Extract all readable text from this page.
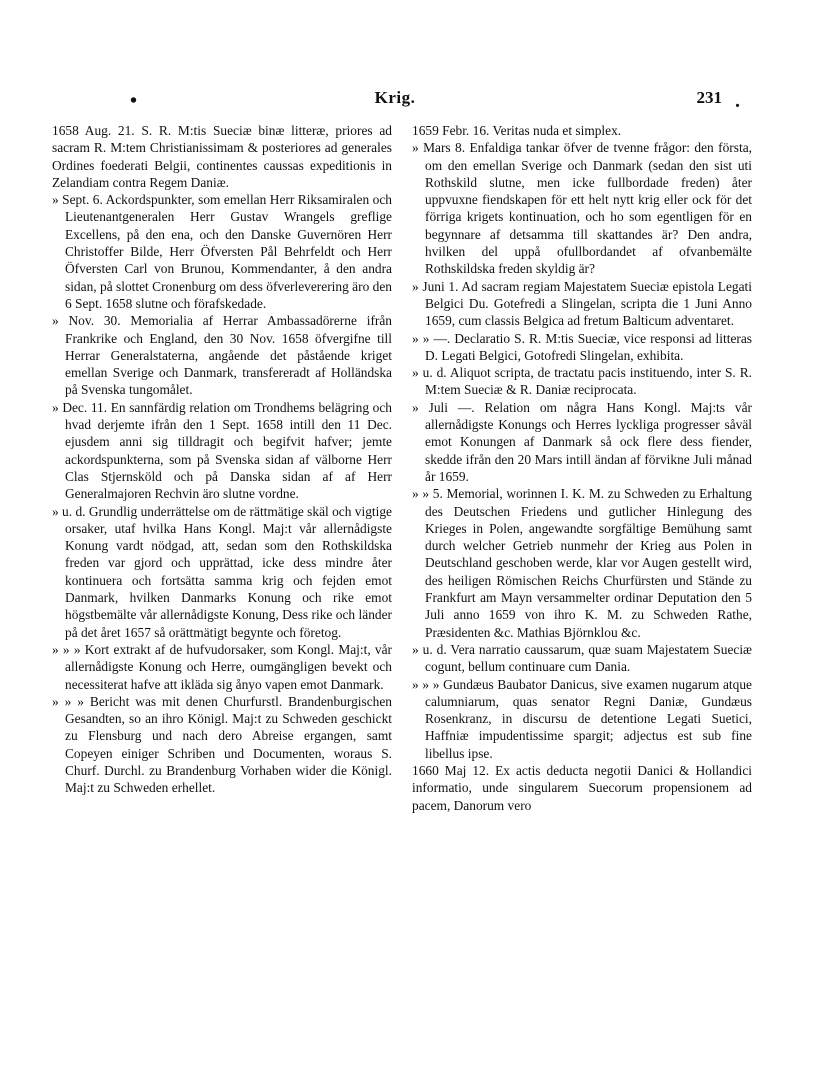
•	Krig.	231 .

1658 Aug. 21. S. R. M:tis Sueciæ binæ litteræ, priores ad sacram R. M:tem Christianissimam & posteriores ad generales Ordines foederati Belgii, continentes caussas expeditionis in Zelandiam contra Regem Daniæ.

» Sept. 6. Ackordspunkter, som emellan Herr Riksamiralen och Lieutenantgeneralen Herr Gustav Wrangels greflige Excellens, på den ena, och den Danske Guvernören Herr Christoffer Bilde, Herr Öfversten Pål Behrfeldt och Herr Öfversten Carl von Brunou, Kommendanter, å den andra sidan, på slottet Cronenburg om dess öfverleverering äro den 6 Sept. 1658 slutne och förafskedade.

» Nov. 30. Memorialia af Herrar Ambassadörerne ifrån Frankrike och England, den 30 Nov. 1658 öfvergifne till Herrar Generalstaterna, angående det påstående kriget emellan Sverige och Danmark, transfereradt af Holländska på Svenska tungomålet.

» Dec. 11. En sannfärdig relation om Trondhems belägring och hvad derjemte ifrån den 1 Sept. 1658 intill den 11 Dec. ejusdem anni sig tilldragit och begifvit hafver; jemte ackordspunkterna, som på Svenska sidan af välborne Herr Clas Stjernsköld och på Danska sidan af af Herr Generalmajoren Rechvin äro slutne vordne.

» u. d. Grundlig underrättelse om de rättmätige skäl och vigtige orsaker, utaf hvilka Hans Kongl. Maj:t vår allernådigste Konung vardt nödgad, att, sedan som den Rothskildska freden var gjord och upprättad, icke dess mindre åter kontinuera och fortsätta samma krig och fejden emot Danmark, hvilken Danmarks Konung och rike emot högstbemälte vår allernådigste Konung, Dess rike och länder på det året 1657 så orättmätigt begynte och företog.

» » » Kort extrakt af de hufvudorsaker, som Kongl. Maj:t, vår allernådigste Konung och Herre, oumgängligen bevekt och necessiterat hafve att ikläda sig ånyo vapen emot Danmark.

» » » Bericht was mit denen Churfurstl. Brandenburgischen Gesandten, so an ihro Königl. Maj:t zu Schweden geschickt zu Flensburg und nach dero Abreise ergangen, samt Copeyen einiger Schriben und Documenten, woraus S. Churf. Durchl. zu Brandenburg Vorhaben wider die Königl. Maj:t zu Schweden erhellet.

1659 Febr. 16. Veritas nuda et simplex.

» Mars 8. Enfaldiga tankar öfver de tvenne frågor: den första, om den emellan Sverige och Danmark (sedan den sist uti Rothskild slutne, men icke fullbordade freden) åter uppvuxne fiendskapen för ett helt nytt krig eller ock för det förriga krigets kontinuation, och ho som egentligen för en begynnare af detsamma till skattandes är? Den andra, hvilken del uppå ofullbordandet af ofvanbemälte Rothskildska freden skyldig är?

» Juni 1. Ad sacram regiam Majestatem Sueciæ epistola Legati Belgici Du. Gotefredi a Slingelan, scripta die 1 Juni Anno 1659, cum classis Belgica ad fretum Balticum adventaret.

» » —. Declaratio S. R. M:tis Sueciæ, vice responsi ad litteras D. Legati Belgici, Gotofredi Slingelan, exhibita.

» u. d. Aliquot scripta, de tractatu pacis instituendo, inter S. R. M:tem Sueciæ & R. Daniæ reciprocata.

» Juli —. Relation om några Hans Kongl. Maj:ts vår allernådigste Konungs och Herres lyckliga progresser såväl emot Konungen af Danmark så ock flere dess fiender, skedde ifrån den 20 Mars intill ändan af förvikne Juli månad år 1659.

» » 5. Memorial, worinnen I. K. M. zu Schweden zu Erhaltung des Deutschen Friedens und gutlicher Hinlegung des Krieges in Polen, angewandte sorgfältige Bemühung samt durch welcher Getrieb nunmehr der Krieg aus Polen in Deutschland geschoben werde, klar vor Augen gestellt wird, des heiligen Römischen Reichs Churfürsten und Stände zu Frankfurt am Mayn versammelter ordinar Deputation den 5 Juli anno 1659 von ihro K. M. zu Schweden Rathe, Præsidenten &c. Mathias Björnklou &c.

» u. d. Vera narratio caussarum, quæ suam Majestatem Sueciæ cogunt, bellum continuare cum Dania.

» » » Gundæus Baubator Danicus, sive examen nugarum atque calumniarum, quas senator Regni Daniæ, Gundæus Rosenkranz, in discursu de detentione Legati Suetici, Haffniæ impudentissime spargit; adjectus est sub fine libellus ipse.

1660 Maj 12. Ex actis deducta negotii Danici & Hollandici informatio, unde singularem Suecorum propensionem ad pacem, Danorum vero
